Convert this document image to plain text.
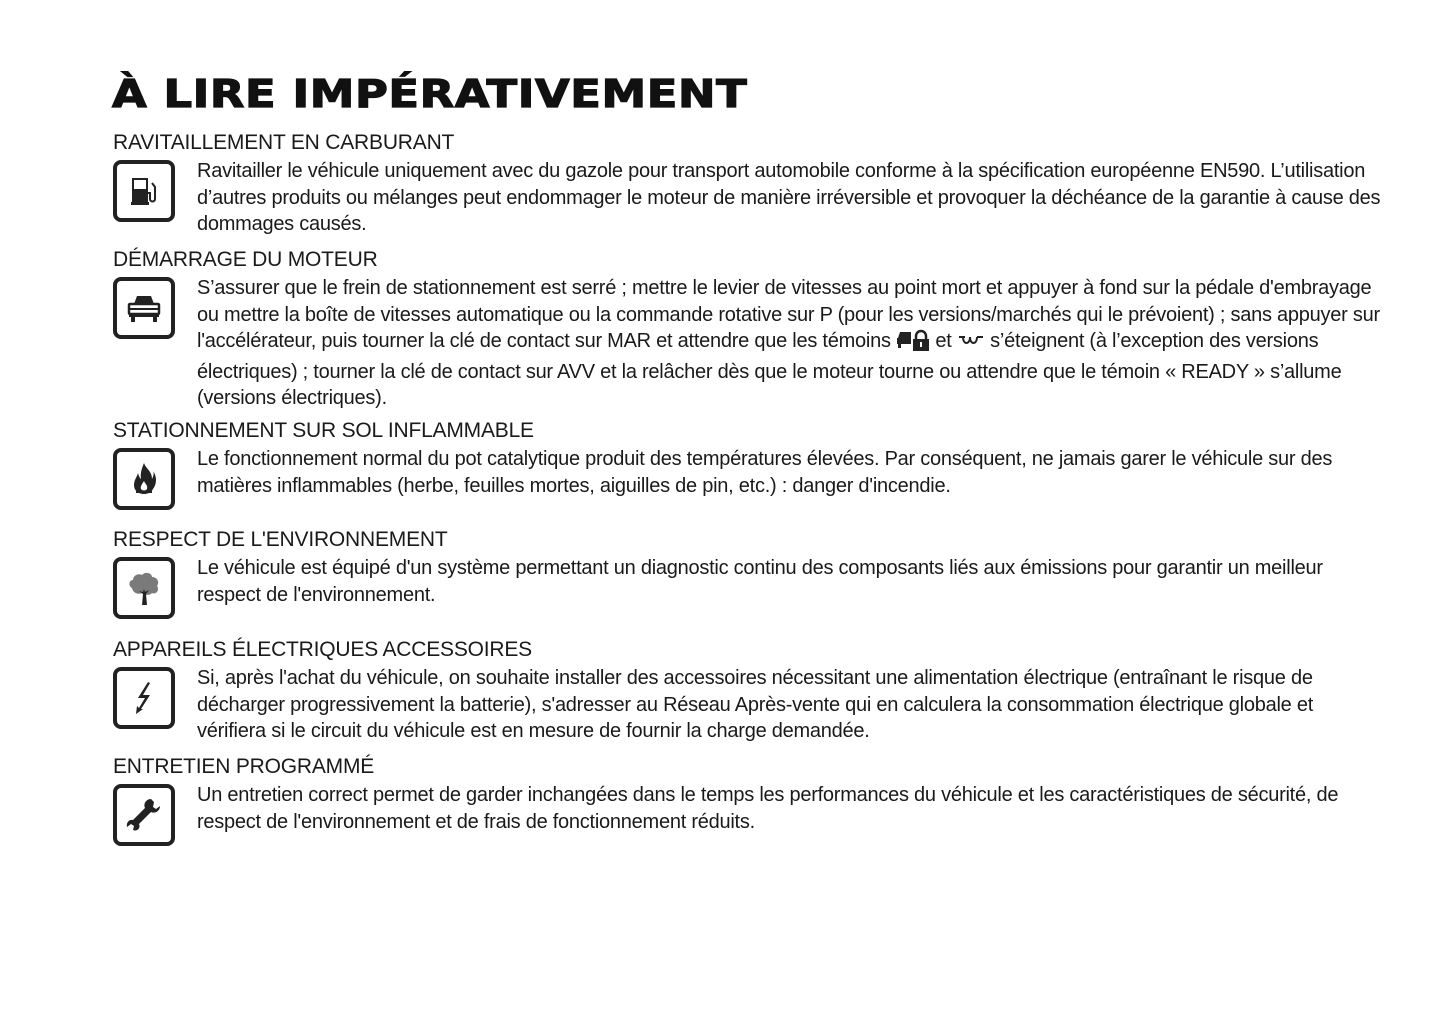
À LIRE IMPÉRATIVEMENT
RAVITAILLEMENT EN CARBURANT

Ravitailler le véhicule uniquement avec du gazole pour transport automobile conforme à la spécification européenne EN590. L’utilisation d’autres produits ou mélanges peut endommager le moteur de manière irréversible et provoquer la déchéance de la garantie à cause des dommages causés.

DÉMARRAGE DU MOTEUR

S’assurer que le frein de stationnement est serré ; mettre le levier de vitesses au point mort et appuyer à fond sur la pédale d'embrayage ou mettre la boîte de vitesses automatique ou la commande rotative sur P (pour les versions/marchés qui le prévoient) ; sans appuyer sur l'accélérateur, puis tourner la clé de contact sur MAR et attendre que les témoins et s’éteignent (à l’exception des versions électriques) ; tourner la clé de contact sur AVV et la relâcher dès que le moteur tourne ou attendre que le témoin « READY » s’allume (versions électriques).

STATIONNEMENT SUR SOL INFLAMMABLE

Le fonctionnement normal du pot catalytique produit des températures élevées. Par conséquent, ne jamais garer le véhicule sur des matières inflammables (herbe, feuilles mortes, aiguilles de pin, etc.) : danger d'incendie.

RESPECT DE L'ENVIRONNEMENT

Le véhicule est équipé d'un système permettant un diagnostic continu des composants liés aux émissions pour garantir un meilleur respect de l'environnement.

APPAREILS ÉLECTRIQUES ACCESSOIRES

Si, après l'achat du véhicule, on souhaite installer des accessoires nécessitant une alimentation électrique (entraînant le risque de décharger progressivement la batterie), s'adresser au Réseau Après-vente qui en calculera la consommation électrique globale et vérifiera si le circuit du véhicule est en mesure de fournir la charge demandée.

ENTRETIEN PROGRAMMÉ

Un entretien correct permet de garder inchangées dans le temps les performances du véhicule et les caractéristiques de sécurité, de respect de l'environnement et de frais de fonctionnement réduits.
